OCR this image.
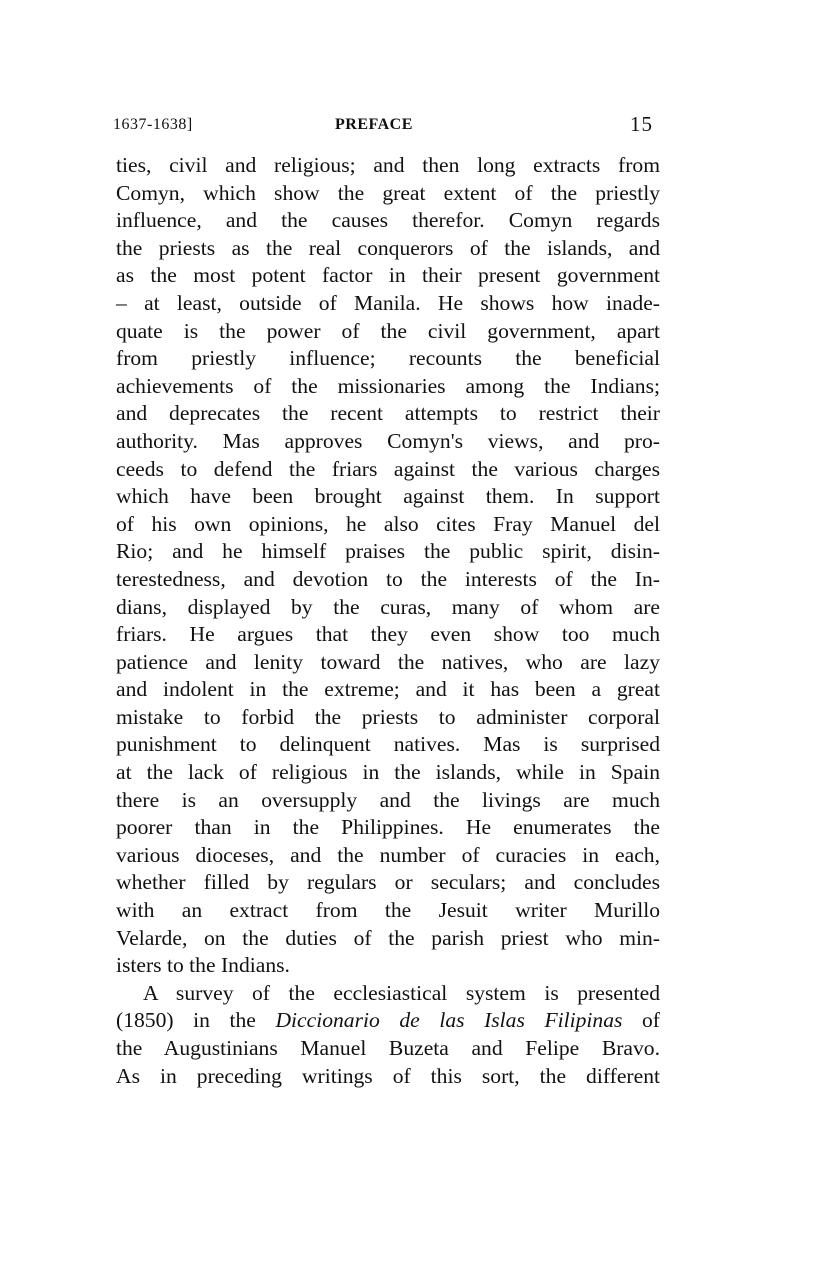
1637-1638]	PREFACE	15
ties, civil and religious; and then long extracts from
Comyn, which show the great extent of the priestly
influence, and the causes therefor. Comyn regards
the priests as the real conquerors of the islands, and
as the most potent factor in their present government
– at least, outside of Manila. He shows how inade-
quate is the power of the civil government, apart
from priestly influence; recounts the beneficial
achievements of the missionaries among the Indians;
and deprecates the recent attempts to restrict their
authority. Mas approves Comyn's views, and pro-
ceeds to defend the friars against the various charges
which have been brought against them. In support
of his own opinions, he also cites Fray Manuel del
Rio; and he himself praises the public spirit, disin-
terestedness, and devotion to the interests of the In-
dians, displayed by the curas, many of whom are
friars. He argues that they even show too much
patience and lenity toward the natives, who are lazy
and indolent in the extreme; and it has been a great
mistake to forbid the priests to administer corporal
punishment to delinquent natives. Mas is surprised
at the lack of religious in the islands, while in Spain
there is an oversupply and the livings are much
poorer than in the Philippines. He enumerates the
various dioceses, and the number of curacies in each,
whether filled by regulars or seculars; and concludes
with an extract from the Jesuit writer Murillo
Velarde, on the duties of the parish priest who min-
isters to the Indians.
A survey of the ecclesiastical system is presented
(1850) in the Diccionario de las Islas Filipinas of
the Augustinians Manuel Buzeta and Felipe Bravo.
As in preceding writings of this sort, the different
